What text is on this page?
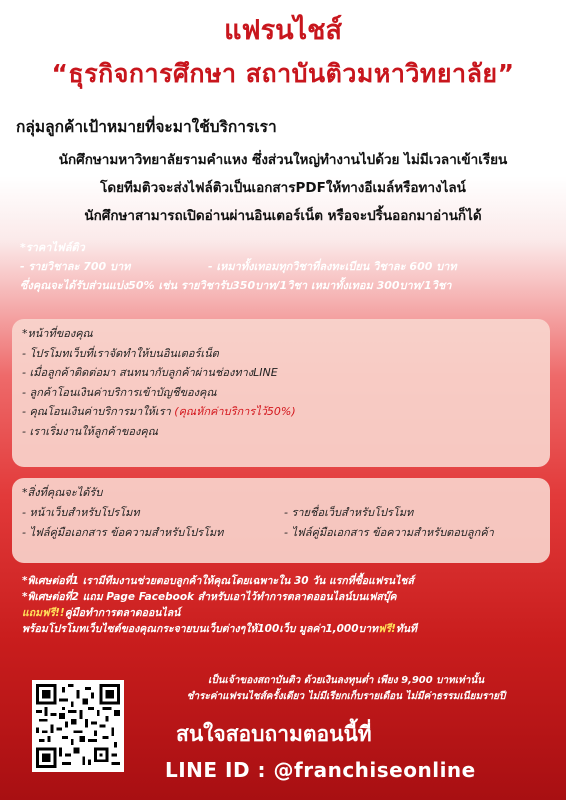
แฟรนไชส์
“ธุรกิจการศึกษา สถาบันติวมหาวิทยาลัย”
กลุ่มลูกค้าเป้าหมายที่จะมาใช้บริการเรา
นักศึกษามหาวิทยาลัยรามคำแหง ซึ่งส่วนใหญ่ทำงานไปด้วย ไม่มีเวลาเข้าเรียน
โดยทีมติวจะส่งไฟล์ติวเป็นเอกสารPDFให้ทางอีเมล์หรือทางไลน์
นักศึกษาสามารถเปิดอ่านผ่านอินเตอร์เน็ต หรือจะปริ้นออกมาอ่านก็ได้
*ราคาไฟล์ติว
- รายวิชาละ 700 บาท	- เหมาทั้งเทอมทุกวิชาที่ลงทะเบียน วิชาละ 600 บาท
ซึ่งคุณจะได้รับส่วนแบ่ง50% เช่น รายวิชารับ350บาท/1วิชา เหมาทั้งเทอม 300บาท/1วิชา
*หน้าที่ของคุณ
- โปรโมทเว็บที่เราจัดทำให้บนอินเตอร์เน็ต
- เมื่อลูกค้าติดต่อมา สนทนากับลูกค้าผ่านช่องทางLINE
- ลูกค้าโอนเงินค่าบริการเข้าบัญชีของคุณ
- คุณโอนเงินค่าบริการมาให้เรา (คุณหักค่าบริการไว้50%)
- เราเริ่มงานให้ลูกค้าของคุณ
*สิ่งที่คุณจะได้รับ
- หน้าเว็บสำหรับโปรโมท	- รายชื่อเว็บสำหรับโปรโมท
- ไฟล์คู่มือเอกสาร ข้อความสำหรับโปรโมท	- ไฟล์คู่มือเอกสาร ข้อความสำหรับตอบลูกค้า
*พิเศษต่อที่1 เรามีทีมงานช่วยตอบลูกค้าให้คุณโดยเฉพาะใน 30 วัน แรกที่ซื้อแฟรนไชส์
*พิเศษต่อที่2 แถม Page Facebook สำหรับเอาไว้ทำการตลาดออนไลน์บนเฟสบุ๊ค
แถมฟรี!!คู่มือทำการตลาดออนไลน์
พร้อมโปรโมทเว็บไซต์ของคุณกระจายบนเว็บต่างๆให้100เว็บ มูลค่า1,000บาทฟรี!ทันที
เป็นเจ้าของสถาบันติว ด้วยเงินลงทุนต่ำ เพียง 9,900 บาทเท่านั้น
ชำระค่าแฟรนไชส์ครั้งเดียว ไม่มีเรียกเก็บรายเดือน ไม่มีค่าธรรมเนียมรายปี
สนใจสอบถามตอนนี้ที่
LINE ID : @franchiseonline
